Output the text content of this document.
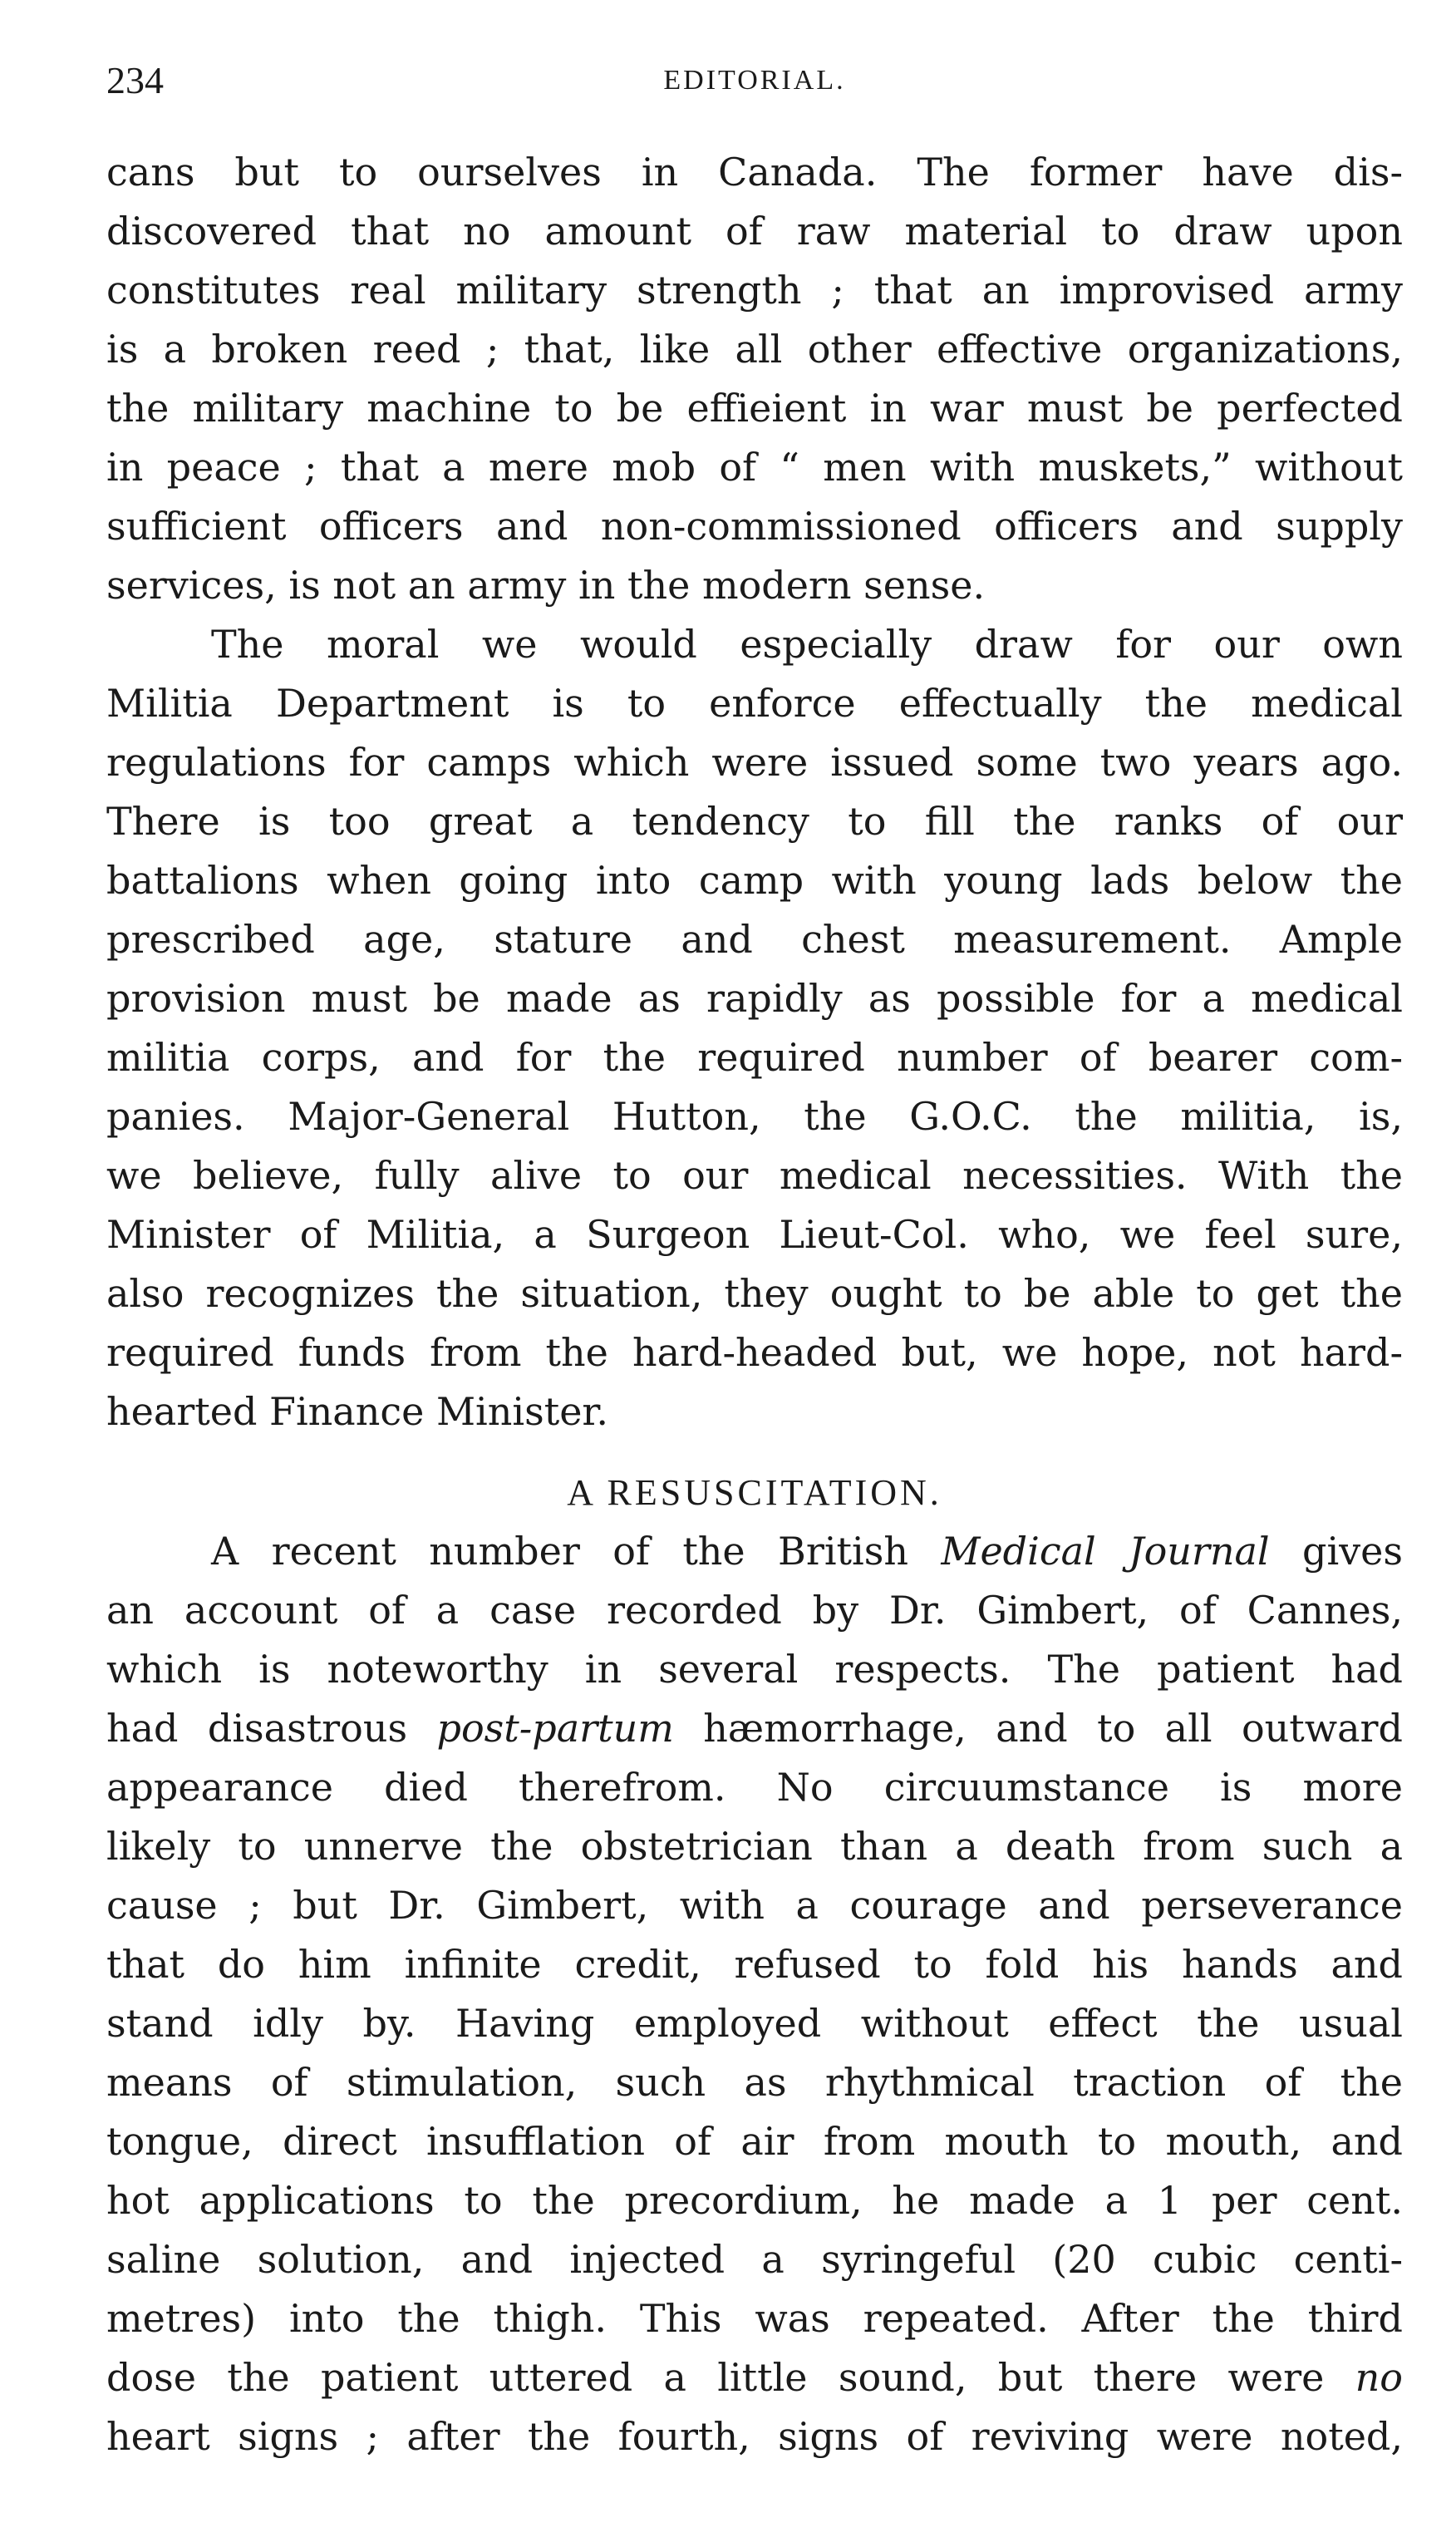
234	EDITORIAL.
cans but to ourselves in Canada. The former have dis-
discovered that no amount of raw material to draw upon
constitutes real military strength ; that an improvised army
is a broken reed ; that, like all other effective organizations,
the military machine to be effieient in war must be perfected
in peace ; that a mere mob of “ men with muskets,” without
sufficient officers and non-commissioned officers and supply
services, is not an army in the modern sense.
The moral we would especially draw for our own
Militia Department is to enforce effectually the medical
regulations for camps which were issued some two years ago.
There is too great a tendency to fill the ranks of our
battalions when going into camp with young lads below the
prescribed age, stature and chest measurement. Ample
provision must be made as rapidly as possible for a medical
militia corps, and for the required number of bearer com-
panies. Major-General Hutton, the G.O.C. the militia, is,
we believe, fully alive to our medical necessities. With the
Minister of Militia, a Surgeon Lieut-Col. who, we feel sure,
also recognizes the situation, they ought to be able to get the
required funds from the hard-headed but, we hope, not hard-
hearted Finance Minister.
A RESUSCITATION.
A recent number of the British Medical Journal gives
an account of a case recorded by Dr. Gimbert, of Cannes,
which is noteworthy in several respects. The patient had
had disastrous post-partum hæmorrhage, and to all outward
appearance died therefrom. No circuumstance is more
likely to unnerve the obstetrician than a death from such a
cause ; but Dr. Gimbert, with a courage and perseverance
that do him infinite credit, refused to fold his hands and
stand idly by. Having employed without effect the usual
means of stimulation, such as rhythmical traction of the
tongue, direct insufflation of air from mouth to mouth, and
hot applications to the precordium, he made a 1 per cent.
saline solution, and injected a syringeful (20 cubic centi-
metres) into the thigh. This was repeated. After the third
dose the patient uttered a little sound, but there were no
heart signs ; after the fourth, signs of reviving were noted,
